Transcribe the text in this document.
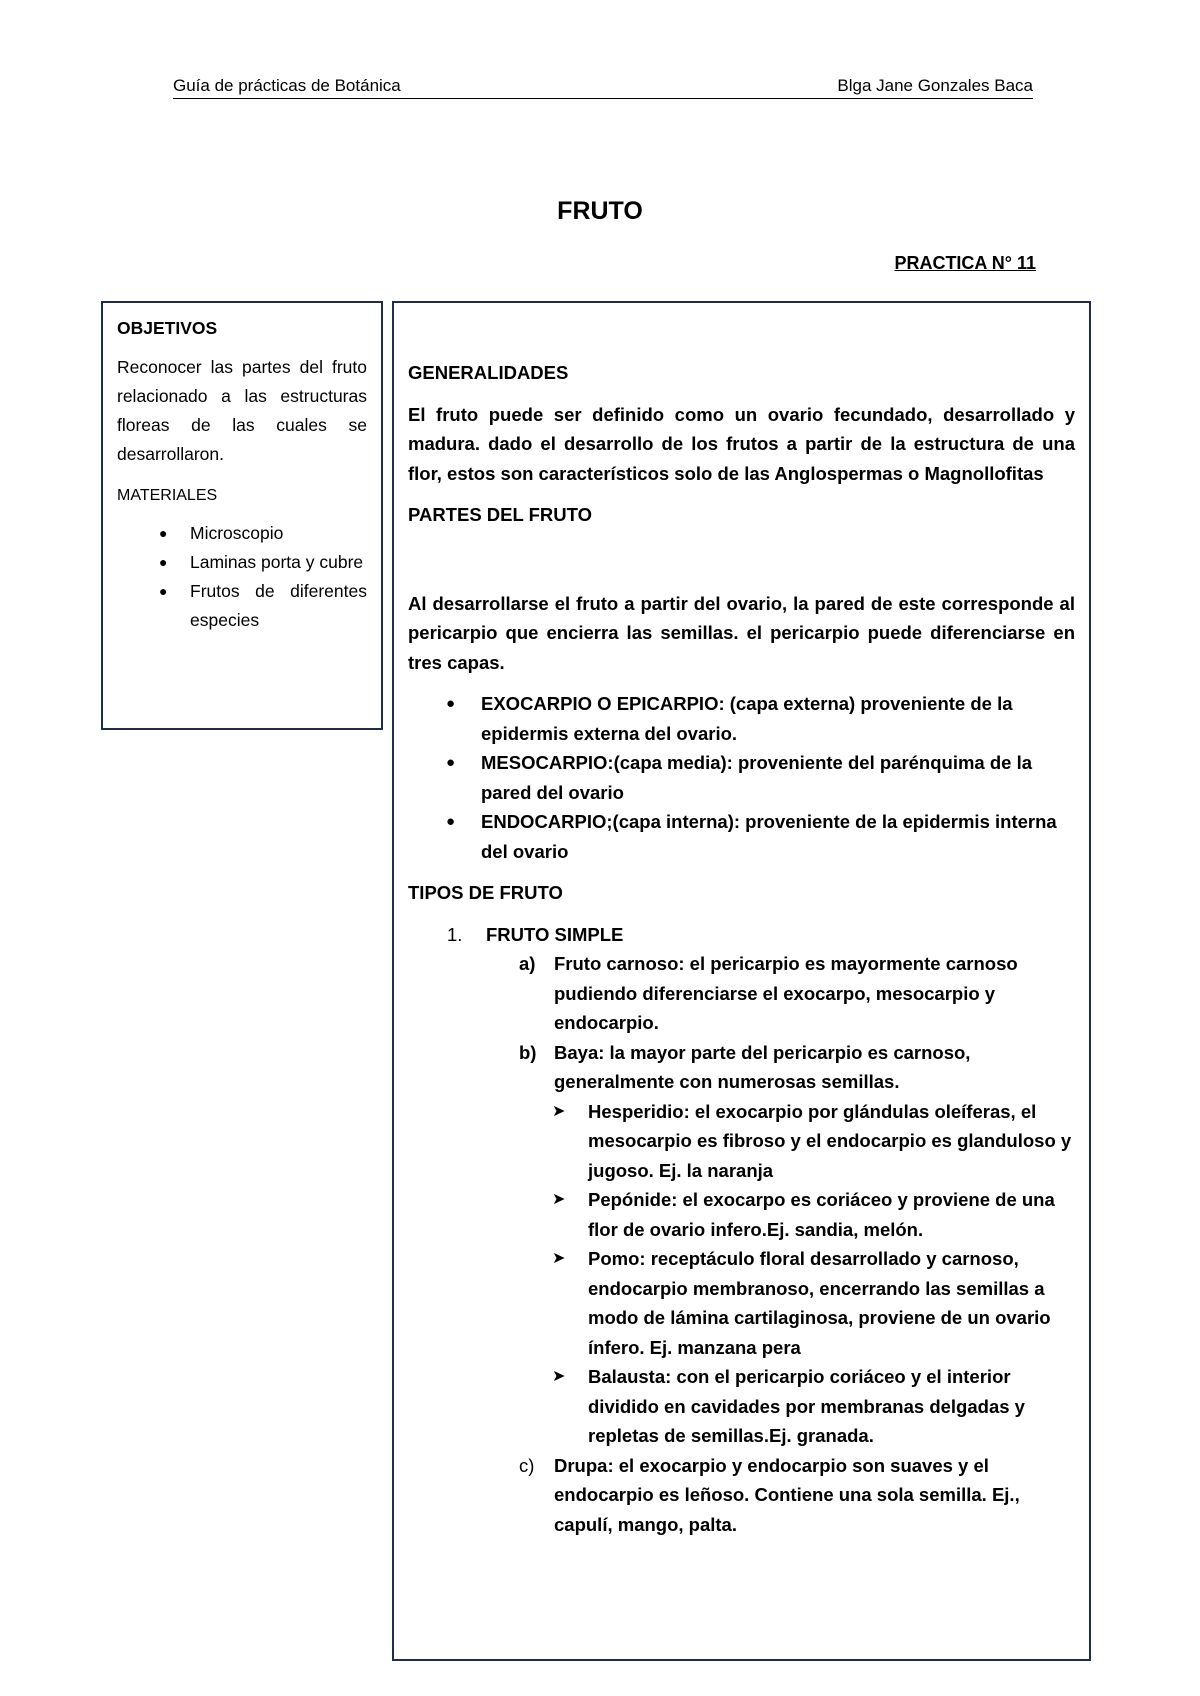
Guía de prácticas de Botánica	Blga Jane Gonzales Baca
FRUTO
PRACTICA N° 11
OBJETIVOS
Reconocer las partes del fruto relacionado a las estructuras floreas de las cuales se desarrollaron.
MATERIALES
● Microscopio
● Laminas porta y cubre
● Frutos de diferentes especies

GENERALIDADES

El fruto puede ser definido como un ovario fecundado, desarrollado y madura. dado el desarrollo de los frutos a partir de la estructura de una flor, estos son característicos solo de las Anglospermas o Magnollofitas

PARTES DEL FRUTO

Al desarrollarse el fruto a partir del ovario, la pared de este corresponde al pericarpio que encierra las semillas. el pericarpio puede diferenciarse en tres capas.

● EXOCARPIO O EPICARPIO: (capa externa) proveniente de la epidermis externa del ovario.
● MESOCARPIO:(capa media): proveniente del parénquima de la pared del ovario
● ENDOCARPIO;(capa interna): proveniente de la epidermis interna del ovario

TIPOS DE FRUTO

1. FRUTO SIMPLE
a) Fruto carnoso: el pericarpio es mayormente carnoso pudiendo diferenciarse el exocarpo, mesocarpio y endocarpio.
b) Baya: la mayor parte del pericarpio es carnoso, generalmente con numerosas semillas.
➤ Hesperidio: el exocarpio por glándulas oleíferas, el mesocarpio es fibroso y el endocarpio es glanduloso y jugoso. Ej. la naranja
➤ Pepónide: el exocarpo es coriáceo y proviene de una flor de ovario infero.Ej. sandia, melón.
➤ Pomo: receptáculo floral desarrollado y carnoso, endocarpio membranoso, encerrando las semillas a modo de lámina cartilaginosa, proviene de un ovario ínfero. Ej. manzana pera
➤ Balausta: con el pericarpio coriáceo y el interior dividido en cavidades por membranas delgadas y repletas de semillas.Ej. granada.
c) Drupa: el exocarpio y endocarpio son suaves y el endocarpio es leñoso. Contiene una sola semilla. Ej., capulí, mango, palta.
